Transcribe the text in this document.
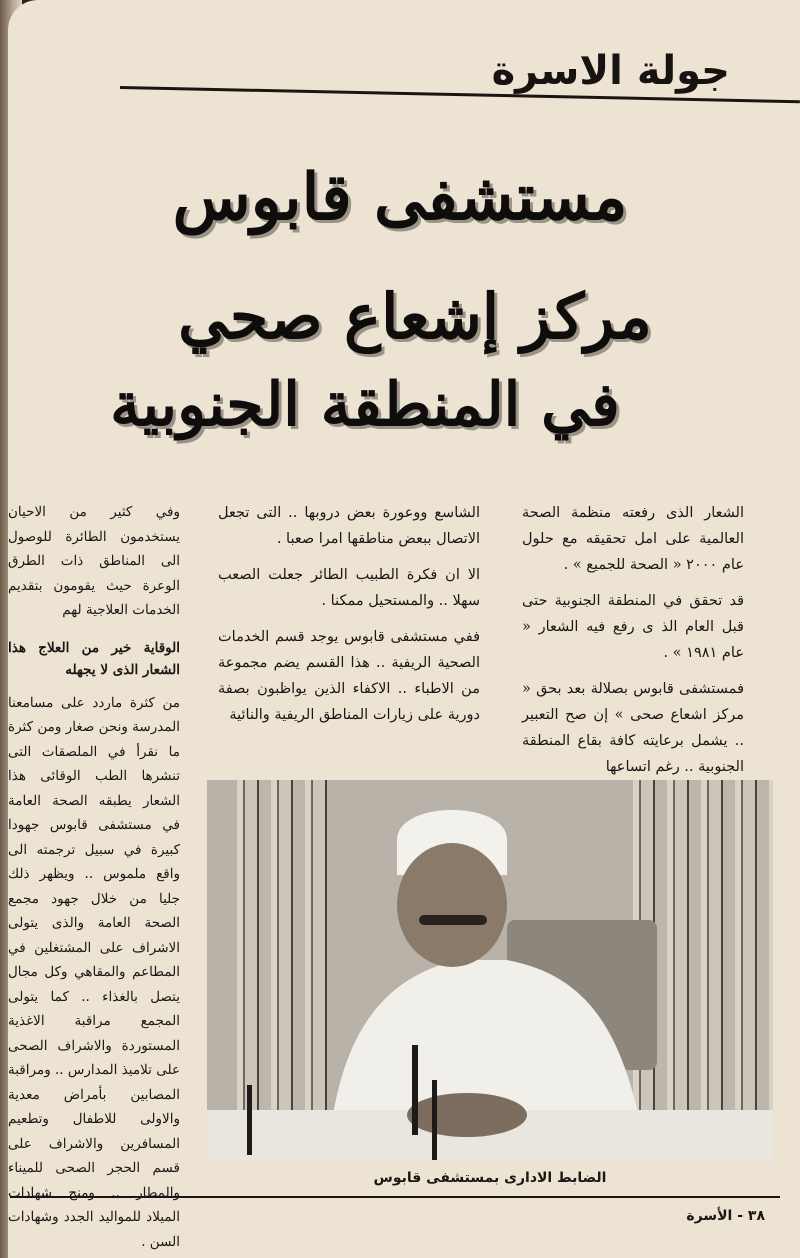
جولة الاسرة
مستشفى قابوس
مركز إشعاع صحي
في المنطقة الجنوبية

الشعار الذى رفعته منظمة الصحة العالمية على امل تحقيقه مع حلول عام ٢٠٠٠ « الصحة للجميع » .

قد تحقق في المنطقة الجنوبية حتى قبل العام الذ ى رفع فيه الشعار « عام ١٩٨١ » .

فمستشفى قابوس بصلالة بعد بحق « مركز اشعاع صحى » إن صح التعبير .. يشمل برعايته كافة بقاع المنطقة الجنوبية .. رغم اتساعها

الشاسع ووعورة بعض دروبها .. التى تجعل الاتصال ببعض مناطقها امرا صعبا .

الا ان فكرة الطبيب الطائر جعلت الصعب سهلا .. والمستحيل ممكنا .

ففي مستشفى قابوس يوجد قسم الخدمات الصحية الريفية .. هذا القسم يضم مجموعة من الاطباء .. الاكفاء الذين يواظبون بصفة دورية على زيارات المناطق الريفية والنائية

وفي كثير من الاحيان يستخدمون الطائرة للوصول الى المناطق ذات الطرق الوعرة حيث يقومون بتقديم الخدمات العلاجية لهم

الوقاية خير من العلاج هذا الشعار الذى لا يجهله

من كثرة ماردد على مسامعنا المدرسة ونحن صغار ومن كثرة ما نقرأ في الملصقات التى تنشرها الطب الوقائى هذا الشعار يطبقه الصحة العامة في مستشفى قابوس جهودا كبيرة في سبيل ترجمته الى واقع ملموس .. ويظهر ذلك جليا من خلال جهود مجمع الصحة العامة والذى يتولى الاشراف على المشتغلين في المطاعم والمقاهي وكل مجال يتصل بالغذاء .. كما يتولى المجمع مراقبة الاغذية المستوردة والاشراف الصحى على تلاميذ المدارس .. ومراقبة المصابين بأمراض معدية والاولى للاطفال وتطعيم المسافرين والاشراف على قسم الحجر الصحى للميناء والمطار .. ومنح شهادات الميلاد للمواليد الجدد وشهادات السن .

الضابط الادارى بمستشفى قابوس
٣٨ - الأسرة
